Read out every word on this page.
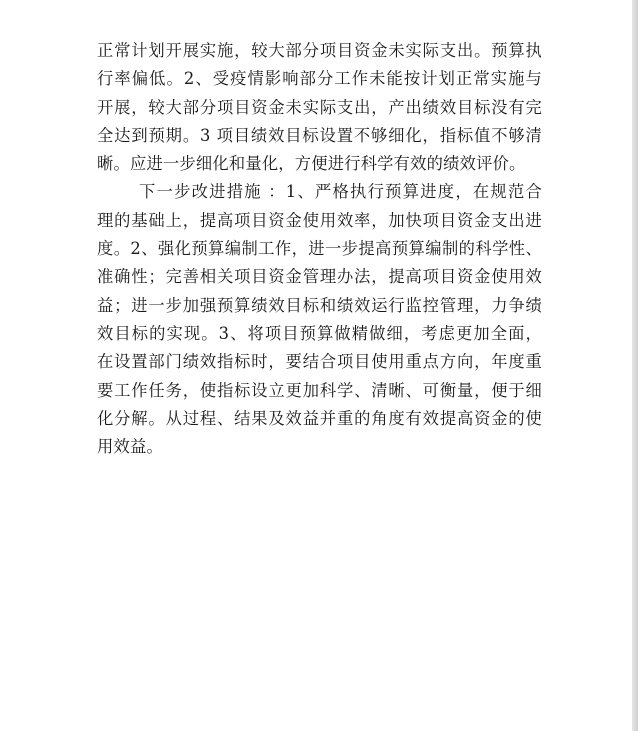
正常计划开展实施，较大部分项目资金未实际支出。预算执
行率偏低。2、受疫情影响部分工作未能按计划正常实施与
开展，较大部分项目资金未实际支出，产出绩效目标没有完
全达到预期。3 项目绩效目标设置不够细化，指标值不够清
晰。应进一步细化和量化，方便进行科学有效的绩效评价。
下一步改进措施 ：1、严格执行预算进度，在规范合
理的基础上，提高项目资金使用效率，加快项目资金支出进
度。2、强化预算编制工作，进一步提高预算编制的科学性、
准确性；完善相关项目资金管理办法，提高项目资金使用效
益；进一步加强预算绩效目标和绩效运行监控管理，力争绩
效目标的实现。3、将项目预算做精做细，考虑更加全面，
在设置部门绩效指标时，要结合项目使用重点方向，年度重
要工作任务，使指标设立更加科学、清晰、可衡量，便于细
化分解。从过程、结果及效益并重的角度有效提高资金的使
用效益。
